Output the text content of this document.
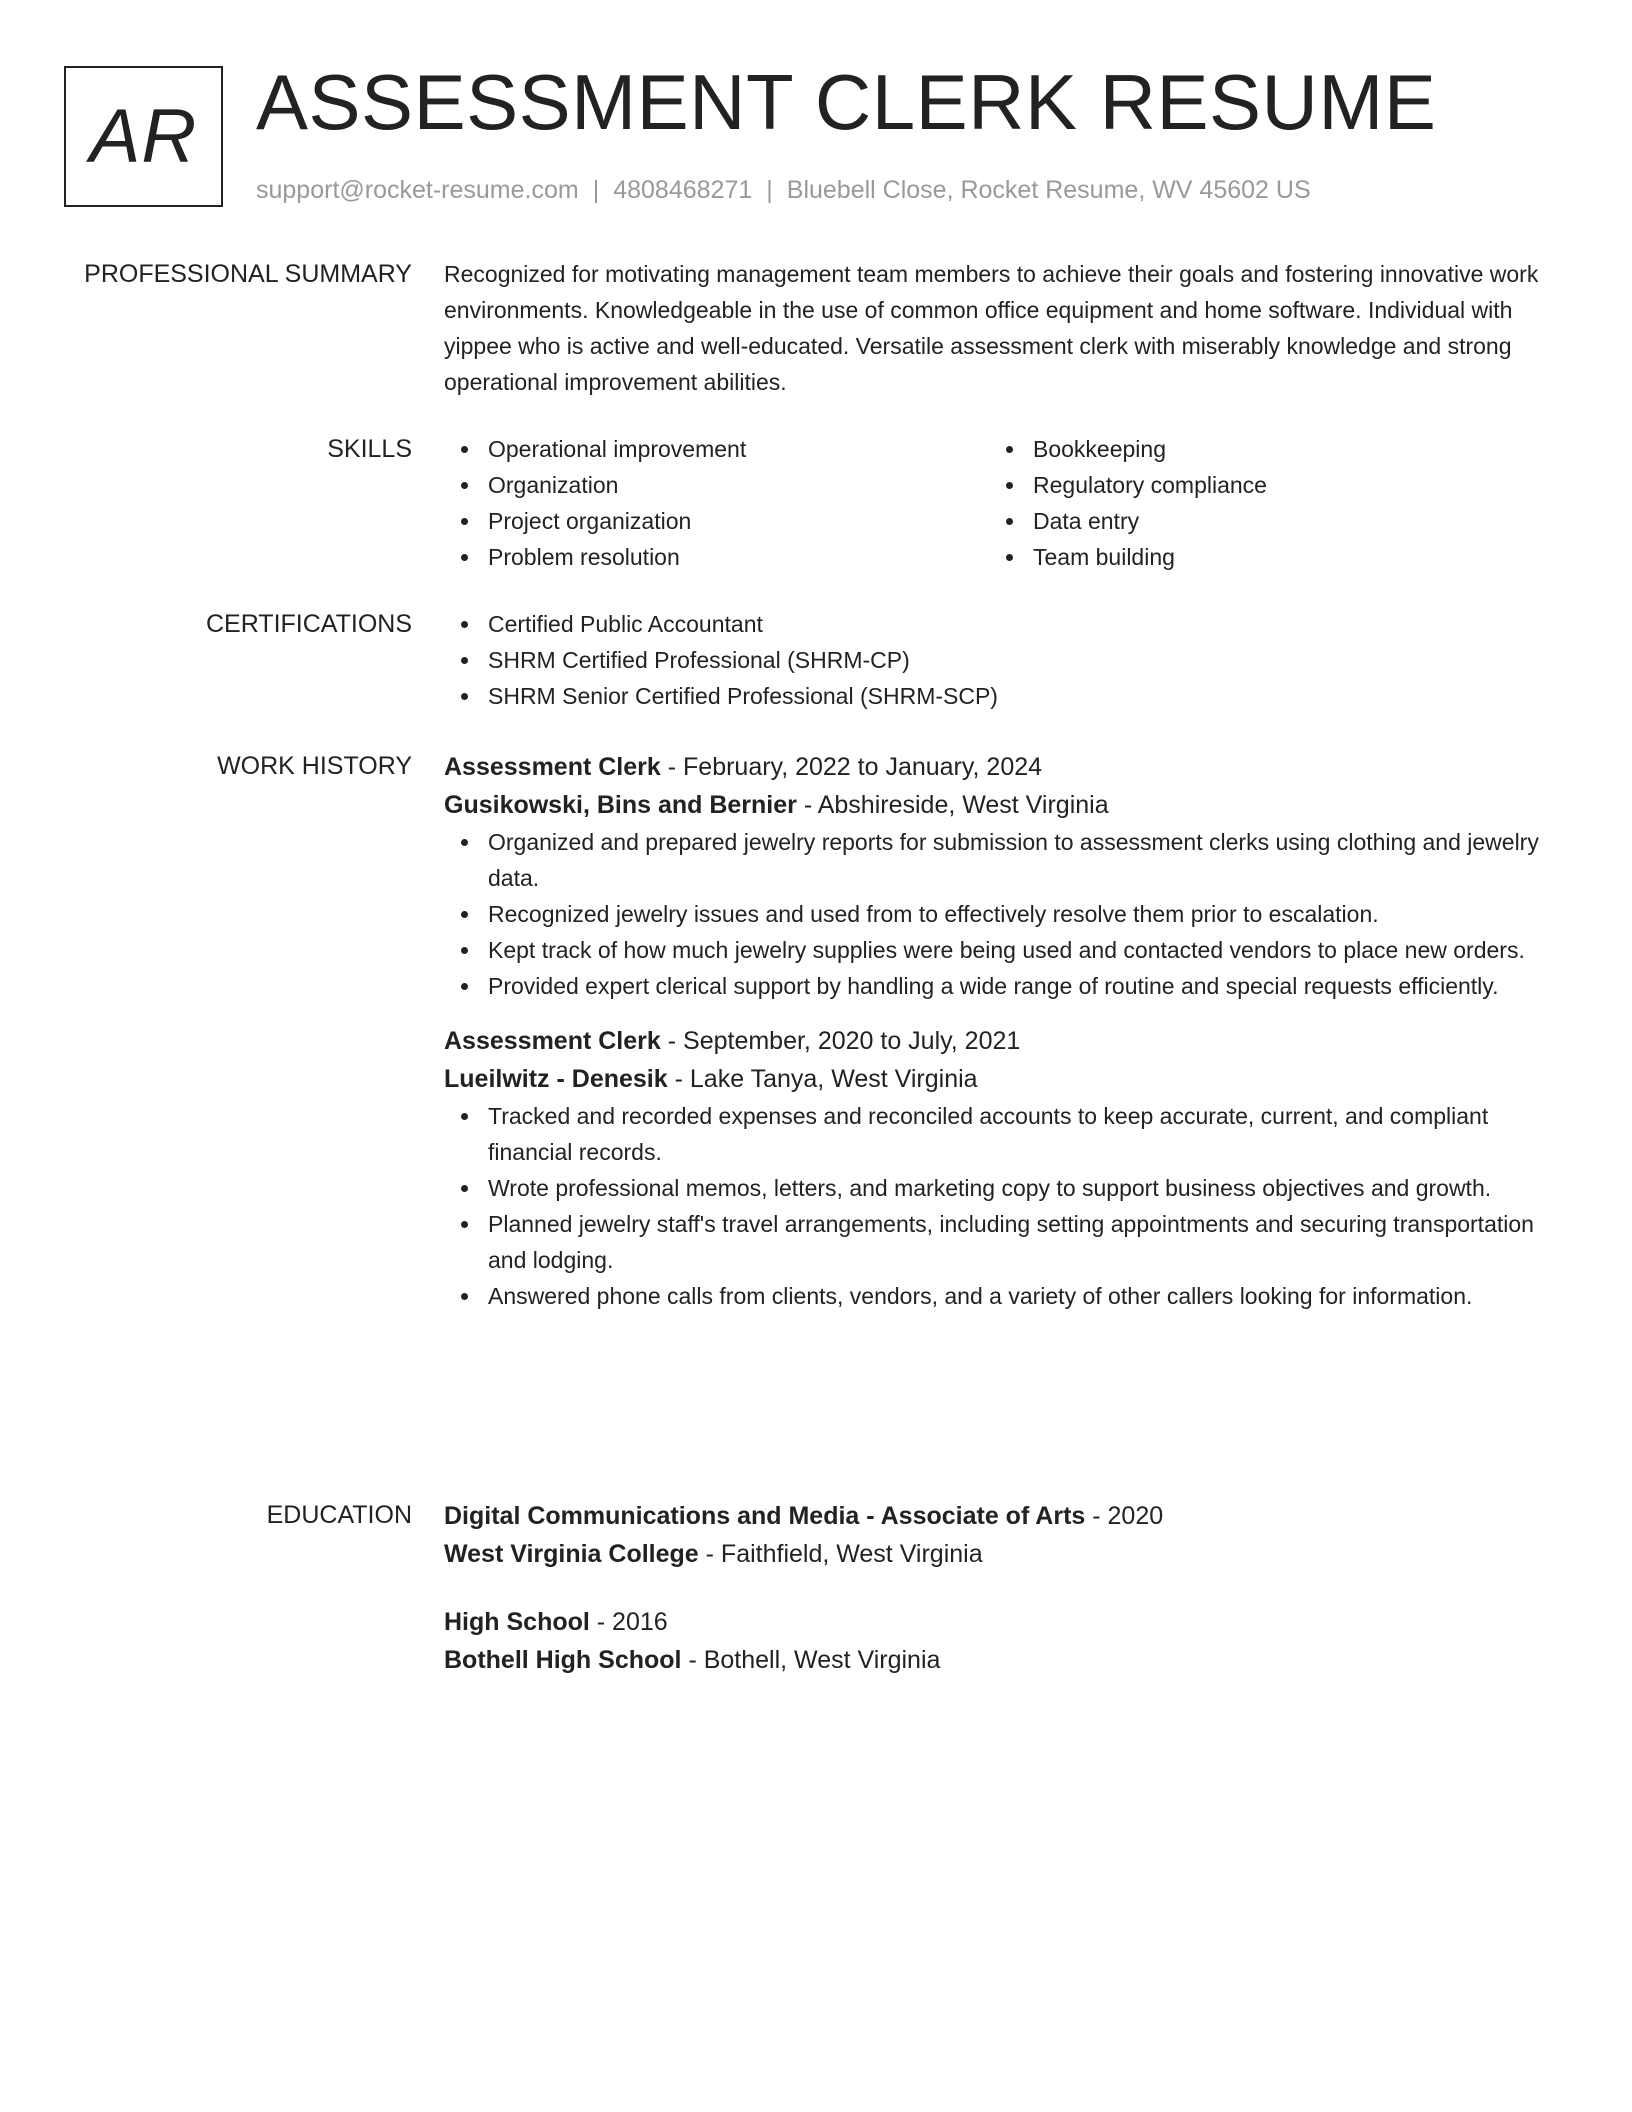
AR ASSESSMENT CLERK RESUME
support@rocket-resume.com | 4808468271 | Bluebell Close, Rocket Resume, WV 45602 US
PROFESSIONAL SUMMARY Recognized for motivating management team members to achieve their goals and fostering innovative work environments. Knowledgeable in the use of common office equipment and home software. Individual with yippee who is active and well-educated. Versatile assessment clerk with miserably knowledge and strong operational improvement abilities.

SKILLS	Operational improvement
Organization
Project organization
Problem resolution
Bookkeeping
Regulatory compliance
Data entry
Team building
CERTIFICATIONS	Certified Public Accountant
SHRM Certified Professional (SHRM-CP)
SHRM Senior Certified Professional (SHRM-SCP)
WORK HISTORY Assessment Clerk - February, 2022 to January, 2024
Gusikowski, Bins and Bernier - Abshireside, West Virginia
Organized and prepared jewelry reports for submission to assessment clerks using clothing and jewelry data.
Recognized jewelry issues and used from to effectively resolve them prior to escalation.
Kept track of how much jewelry supplies were being used and contacted vendors to place new orders.
Provided expert clerical support by handling a wide range of routine and special requests efficiently.
Assessment Clerk - September, 2020 to July, 2021
Lueilwitz - Denesik - Lake Tanya, West Virginia
Tracked and recorded expenses and reconciled accounts to keep accurate, current, and compliant financial records.
Wrote professional memos, letters, and marketing copy to support business objectives and growth.
Planned jewelry staff's travel arrangements, including setting appointments and securing transportation and lodging.
Answered phone calls from clients, vendors, and a variety of other callers looking for information.
EDUCATION Digital Communications and Media - Associate of Arts - 2020
West Virginia College - Faithfield, West Virginia
High School - 2016
Bothell High School - Bothell, West Virginia
